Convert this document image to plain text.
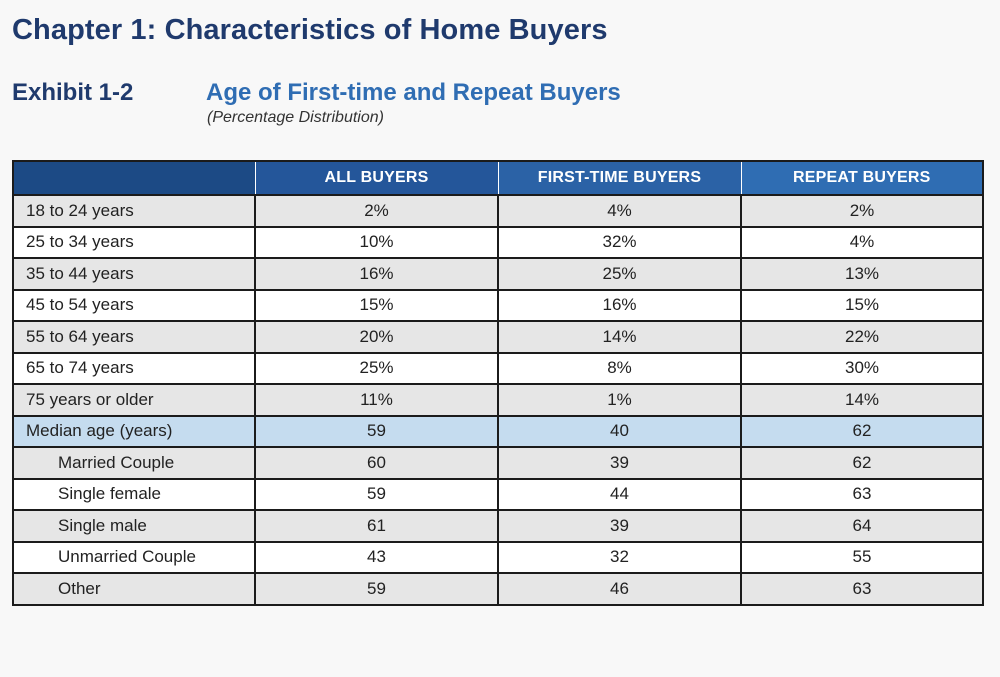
Chapter 1: Characteristics of Home Buyers
Exhibit 1-2	Age of First-time and Repeat Buyers
(Percentage Distribution)
	ALL BUYERS	FIRST-TIME BUYERS	REPEAT BUYERS
18 to 24 years	2%	4%	2%
25 to 34 years	10%	32%	4%
35 to 44 years	16%	25%	13%
45 to 54 years	15%	16%	15%
55 to 64 years	20%	14%	22%
65 to 74 years	25%	8%	30%
75 years or older	11%	1%	14%
Median age (years)	59	40	62
Married Couple	60	39	62
Single female	59	44	63
Single male	61	39	64
Unmarried Couple	43	32	55
Other	59	46	63
